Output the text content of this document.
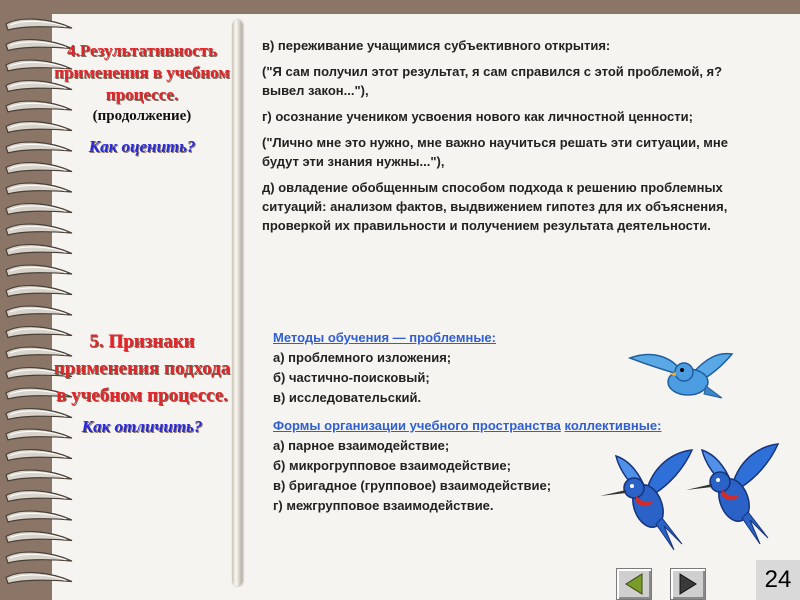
4.Результативность применения в учебном процессе.
(продолжение)
Как оценить?
5. Признаки применения подхода в учебном процессе.
Как отличить?

в) переживание учащимися субъективного открытия:

("Я сам получил этот результат, я сам справился с этой проблемой, я? вывел закон..."),

г) осознание учеником усвоения нового как личностной ценности;

("Лично мне это нужно, мне важно научиться решать эти ситуации, мне будут эти знания нужны..."),

д) овладение обобщенным способом подхода к решению проблемных ситуаций: анализом фактов, выдвижением гипотез для их объяснения, проверкой их правильности и получением результата деятельности.

Методы обучения — проблемные:
а) проблемного изложения;
б) частично-поисковый;
в) исследовательский.
Формы организации учебного пространства коллективные:
а) парное взаимодействие;
б) микрогрупповое взаимодействие;
в) бригадное (групповое) взаимодействие;
г) межгрупповое взаимодействие.
24
